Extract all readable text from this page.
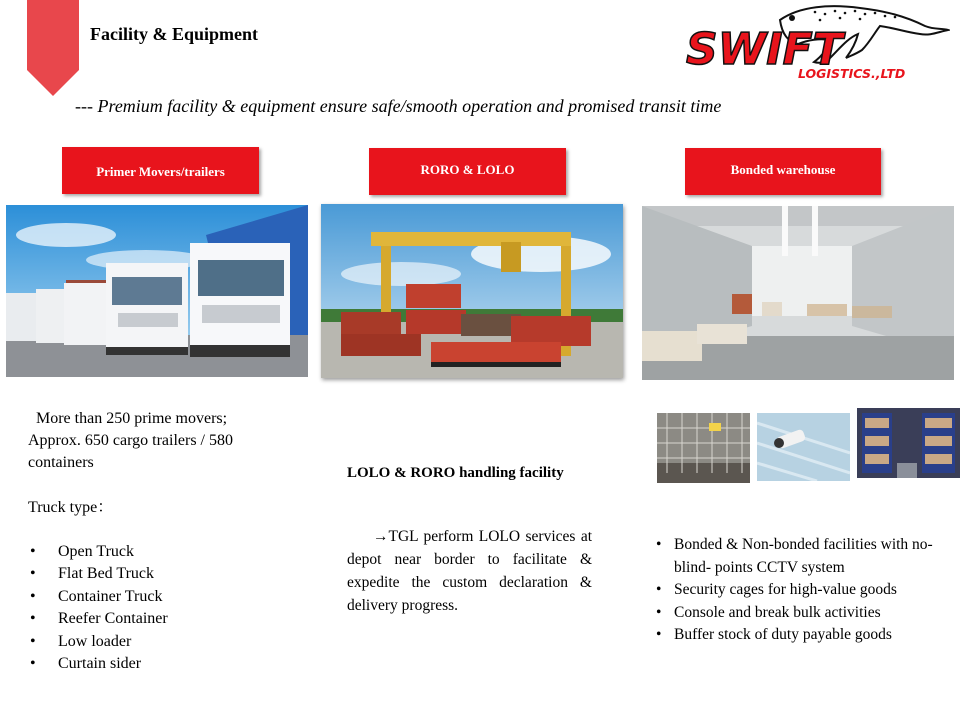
Facility & Equipment	SWIFT
LOGISTICS.,LTD
--- Premium facility & equipment ensure safe/smooth operation and promised transit time
Primer Movers/trailers	RORO & LOLO	Bonded warehouse

More than 250 prime movers;

Approx. 650 cargo trailers / 580

containers

Truck type：

• Open Truck
• Flat Bed Truck
• Container Truck
• Reefer Container
• Low loader
• Curtain sider
LOLO & RORO handling facility
→TGL perform LOLO services at depot near border to facilitate & expedite the custom declaration & delivery progress.
• Bonded & Non-bonded facilities with no-blind- points CCTV system
• Security cages for high-value goods
• Console and break bulk activities
• Buffer stock of duty payable goods
